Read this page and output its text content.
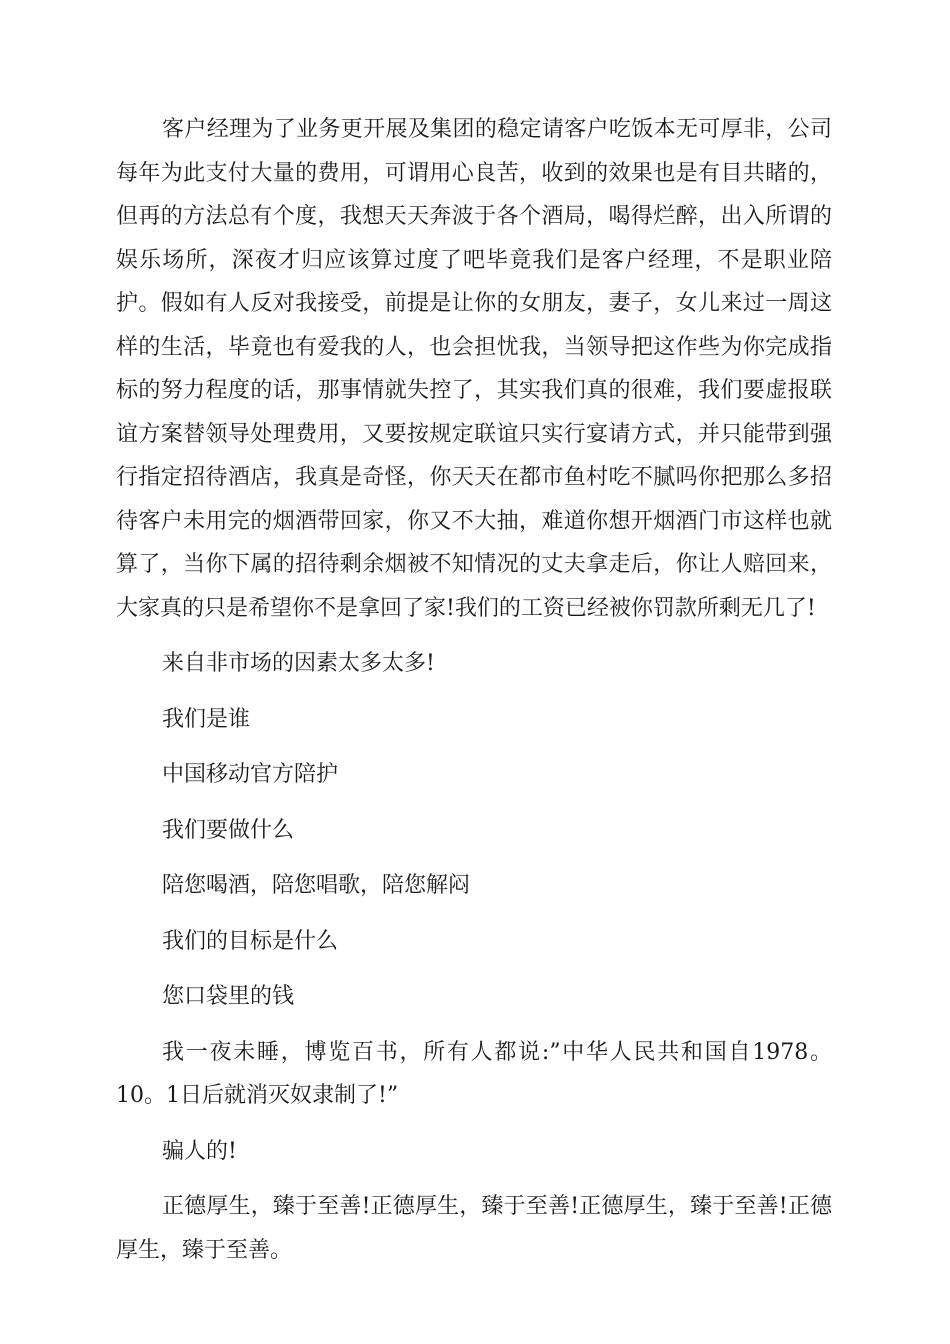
客户经理为了业务更开展及集团的稳定请客户吃饭本无可厚非，公司每年为此支付大量的费用，可谓用心良苦，收到的效果也是有目共睹的，但再的方法总有个度，我想天天奔波于各个酒局，喝得烂醉，出入所谓的娱乐场所，深夜才归应该算过度了吧毕竟我们是客户经理，不是职业陪护。假如有人反对我接受，前提是让你的女朋友，妻子，女儿来过一周这样的生活，毕竟也有爱我的人，也会担忧我，当领导把这作些为你完成指标的努力程度的话，那事情就失控了，其实我们真的很难，我们要虚报联谊方案替领导处理费用，又要按规定联谊只实行宴请方式，并只能带到强行指定招待酒店，我真是奇怪，你天天在都市鱼村吃不腻吗你把那么多招待客户未用完的烟酒带回家，你又不大抽，难道你想开烟酒门市这样也就算了，当你下属的招待剩余烟被不知情况的丈夫拿走后，你让人赔回来，大家真的只是希望你不是拿回了家!我们的工资已经被你罚款所剩无几了!

来自非市场的因素太多太多!

我们是谁

中国移动官方陪护

我们要做什么

陪您喝酒，陪您唱歌，陪您解闷

我们的目标是什么

您口袋里的钱

我一夜未睡，博览百书，所有人都说:”中华人民共和国自1978。10。1日后就消灭奴隶制了!”

骗人的!

正德厚生，臻于至善!正德厚生，臻于至善!正德厚生，臻于至善!正德厚生，臻于至善。
